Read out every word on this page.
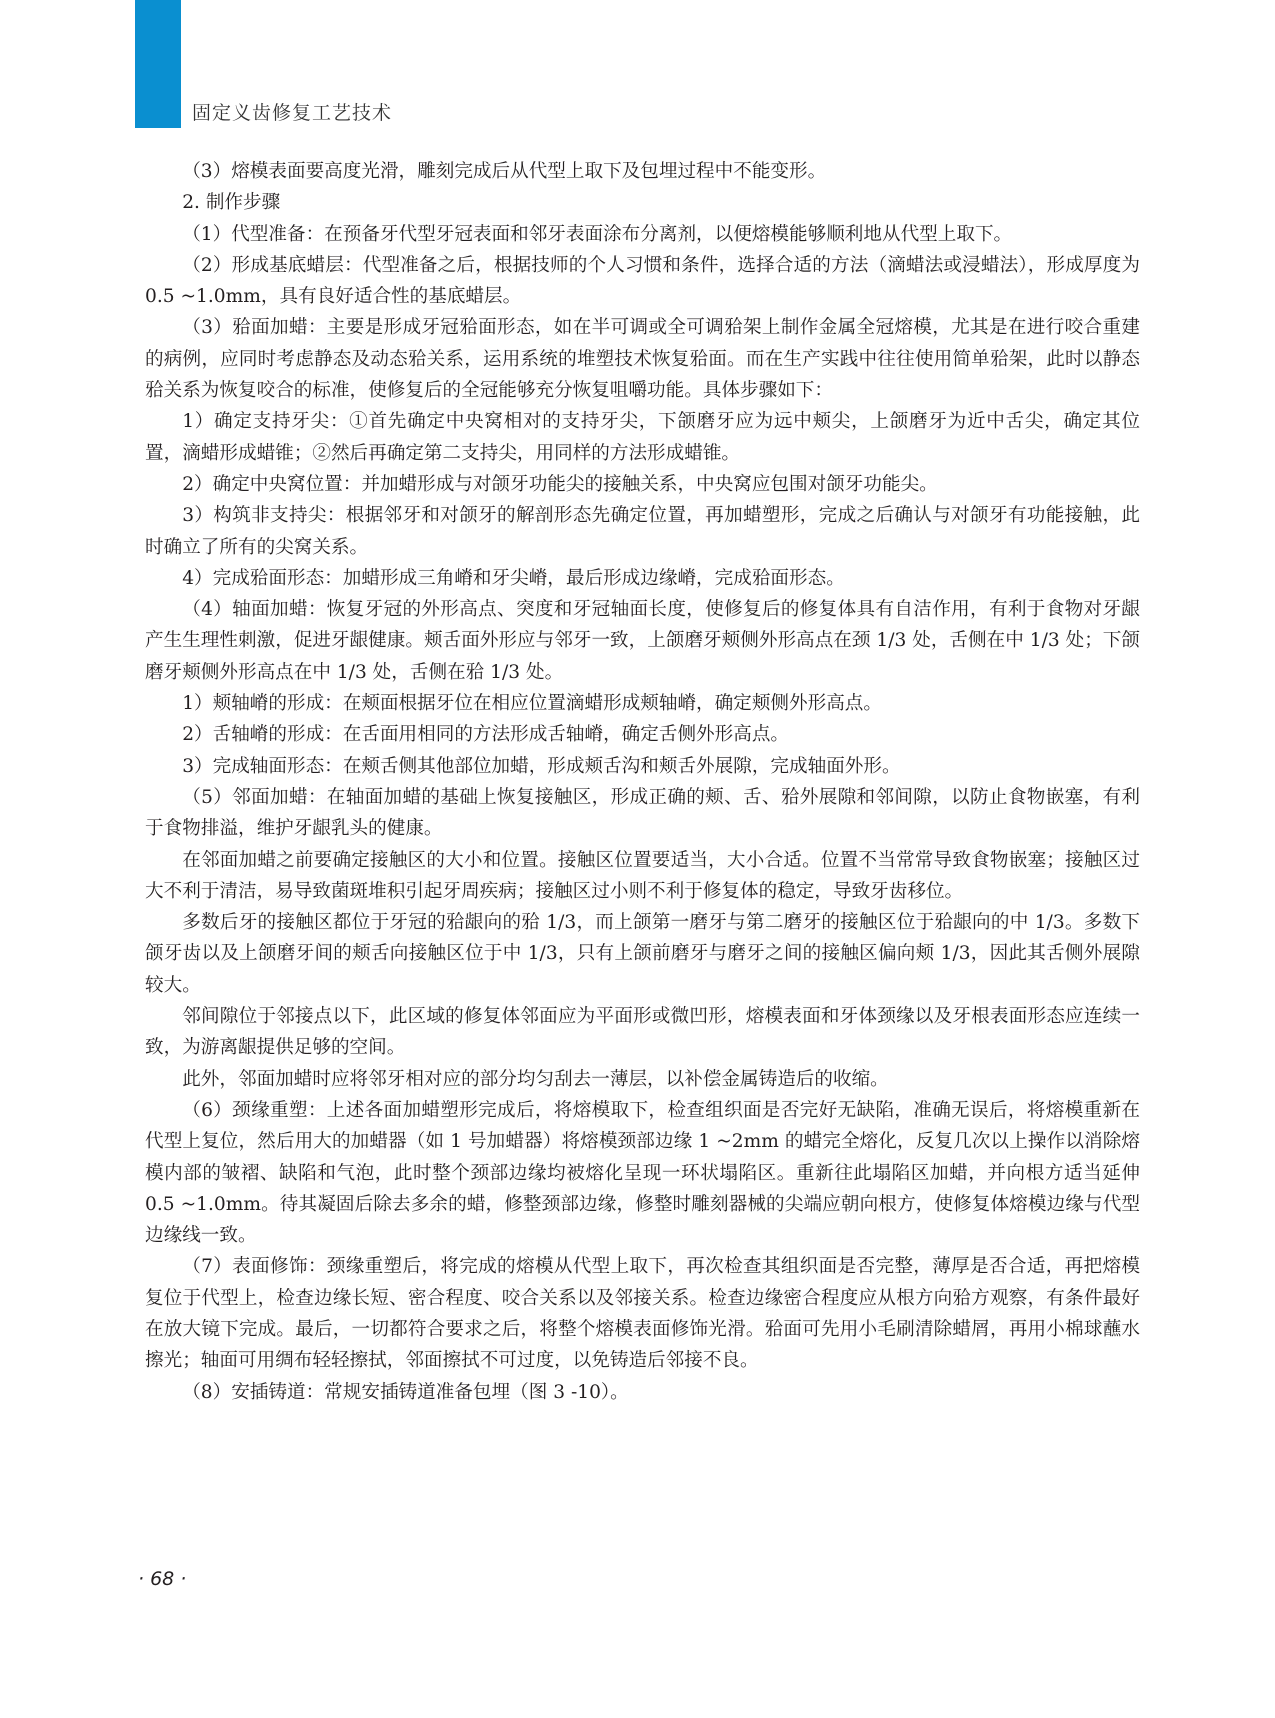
固定义齿修复工艺技术

（3）熔模表面要高度光滑，雕刻完成后从代型上取下及包埋过程中不能变形。

2. 制作步骤

（1）代型准备：在预备牙代型牙冠表面和邻牙表面涂布分离剂，以便熔模能够顺利地从代型上取下。

（2）形成基底蜡层：代型准备之后，根据技师的个人习惯和条件，选择合适的方法（滴蜡法或浸蜡法），形成厚度为 0.5 ~1.0mm，具有良好适合性的基底蜡层。

（3）𬌗面加蜡：主要是形成牙冠𬌗面形态，如在半可调或全可调𬌗架上制作金属全冠熔模，尤其是在进行咬合重建的病例，应同时考虑静态及动态𬌗关系，运用系统的堆塑技术恢复𬌗面。而在生产实践中往往使用简单𬌗架，此时以静态𬌗关系为恢复咬合的标准，使修复后的全冠能够充分恢复咀嚼功能。具体步骤如下：

1）确定支持牙尖：①首先确定中央窝相对的支持牙尖，下颌磨牙应为远中颊尖，上颌磨牙为近中舌尖，确定其位置，滴蜡形成蜡锥；②然后再确定第二支持尖，用同样的方法形成蜡锥。

2）确定中央窝位置：并加蜡形成与对颌牙功能尖的接触关系，中央窝应包围对颌牙功能尖。

3）构筑非支持尖：根据邻牙和对颌牙的解剖形态先确定位置，再加蜡塑形，完成之后确认与对颌牙有功能接触，此时确立了所有的尖窝关系。

4）完成𬌗面形态：加蜡形成三角嵴和牙尖嵴，最后形成边缘嵴，完成𬌗面形态。

（4）轴面加蜡：恢复牙冠的外形高点、突度和牙冠轴面长度，使修复后的修复体具有自洁作用，有利于食物对牙龈产生生理性刺激，促进牙龈健康。颊舌面外形应与邻牙一致，上颌磨牙颊侧外形高点在颈 1/3 处，舌侧在中 1/3 处；下颌磨牙颊侧外形高点在中 1/3 处，舌侧在𬌗 1/3 处。

1）颊轴嵴的形成：在颊面根据牙位在相应位置滴蜡形成颊轴嵴，确定颊侧外形高点。

2）舌轴嵴的形成：在舌面用相同的方法形成舌轴嵴，确定舌侧外形高点。

3）完成轴面形态：在颊舌侧其他部位加蜡，形成颊舌沟和颊舌外展隙，完成轴面外形。

（5）邻面加蜡：在轴面加蜡的基础上恢复接触区，形成正确的颊、舌、𬌗外展隙和邻间隙，以防止食物嵌塞，有利于食物排溢，维护牙龈乳头的健康。

在邻面加蜡之前要确定接触区的大小和位置。接触区位置要适当，大小合适。位置不当常常导致食物嵌塞；接触区过大不利于清洁，易导致菌斑堆积引起牙周疾病；接触区过小则不利于修复体的稳定，导致牙齿移位。

多数后牙的接触区都位于牙冠的𬌗龈向的𬌗 1/3，而上颌第一磨牙与第二磨牙的接触区位于𬌗龈向的中 1/3。多数下颌牙齿以及上颌磨牙间的颊舌向接触区位于中 1/3，只有上颌前磨牙与磨牙之间的接触区偏向颊 1/3，因此其舌侧外展隙较大。

邻间隙位于邻接点以下，此区域的修复体邻面应为平面形或微凹形，熔模表面和牙体颈缘以及牙根表面形态应连续一致，为游离龈提供足够的空间。

此外，邻面加蜡时应将邻牙相对应的部分均匀刮去一薄层，以补偿金属铸造后的收缩。

（6）颈缘重塑：上述各面加蜡塑形完成后，将熔模取下，检查组织面是否完好无缺陷，准确无误后，将熔模重新在代型上复位，然后用大的加蜡器（如 1 号加蜡器）将熔模颈部边缘 1 ~2mm 的蜡完全熔化，反复几次以上操作以消除熔模内部的皱褶、缺陷和气泡，此时整个颈部边缘均被熔化呈现一环状塌陷区。重新往此塌陷区加蜡，并向根方适当延伸 0.5 ~1.0mm。待其凝固后除去多余的蜡，修整颈部边缘，修整时雕刻器械的尖端应朝向根方，使修复体熔模边缘与代型边缘线一致。

（7）表面修饰：颈缘重塑后，将完成的熔模从代型上取下，再次检查其组织面是否完整，薄厚是否合适，再把熔模复位于代型上，检查边缘长短、密合程度、咬合关系以及邻接关系。检查边缘密合程度应从根方向𬌗方观察，有条件最好在放大镜下完成。最后，一切都符合要求之后，将整个熔模表面修饰光滑。𬌗面可先用小毛刷清除蜡屑，再用小棉球蘸水擦光；轴面可用绸布轻轻擦拭，邻面擦拭不可过度，以免铸造后邻接不良。

（8）安插铸道：常规安插铸道准备包埋（图 3 -10）。

· 68 ·
